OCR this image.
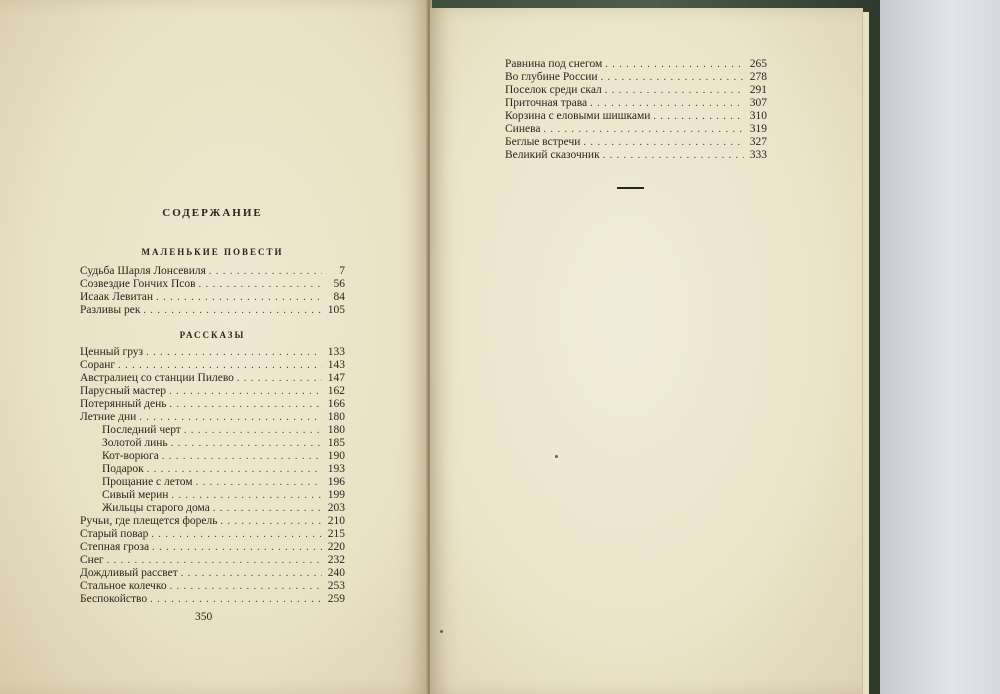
СОДЕРЖАНИЕ
МАЛЕНЬКИЕ ПОВЕСТИ
Судьба Шарля Лонсевиля . . .	7
Созвездие Гончих Псов . . .	56
Исаак Левитан . . .	84
Разливы рек . . .	105
РАССКАЗЫ
Ценный груз . . .	133
Соранг . . .	143
Австралиец со станции Пилево . . .	147
Парусный мастер . . .	162
Потерянный день . . .	166
Летние дни . . .	180
Последний черт . . .	180
Золотой линь . . .	185
Кот-ворюга . . .	190
Подарок . . .	193
Прощание с летом . . .	196
Сивый мерин . . .	199
Жильцы старого дома . . .	203
Ручьи, где плещется форель . . .	210
Старый повар . . .	215
Степная гроза . . .	220
Снег . . .	232
Дождливый рассвет . . .	240
Стальное колечко . . .	253
Беспокойство . . .	259
350
Равнина под снегом . . .	265
Во глубине России . . .	278
Поселок среди скал . . .	291
Приточная трава . . .	307
Корзина с еловыми шишками . . .	310
Синева . . .	319
Беглые встречи . . .	327
Великий сказочник . . .	333
